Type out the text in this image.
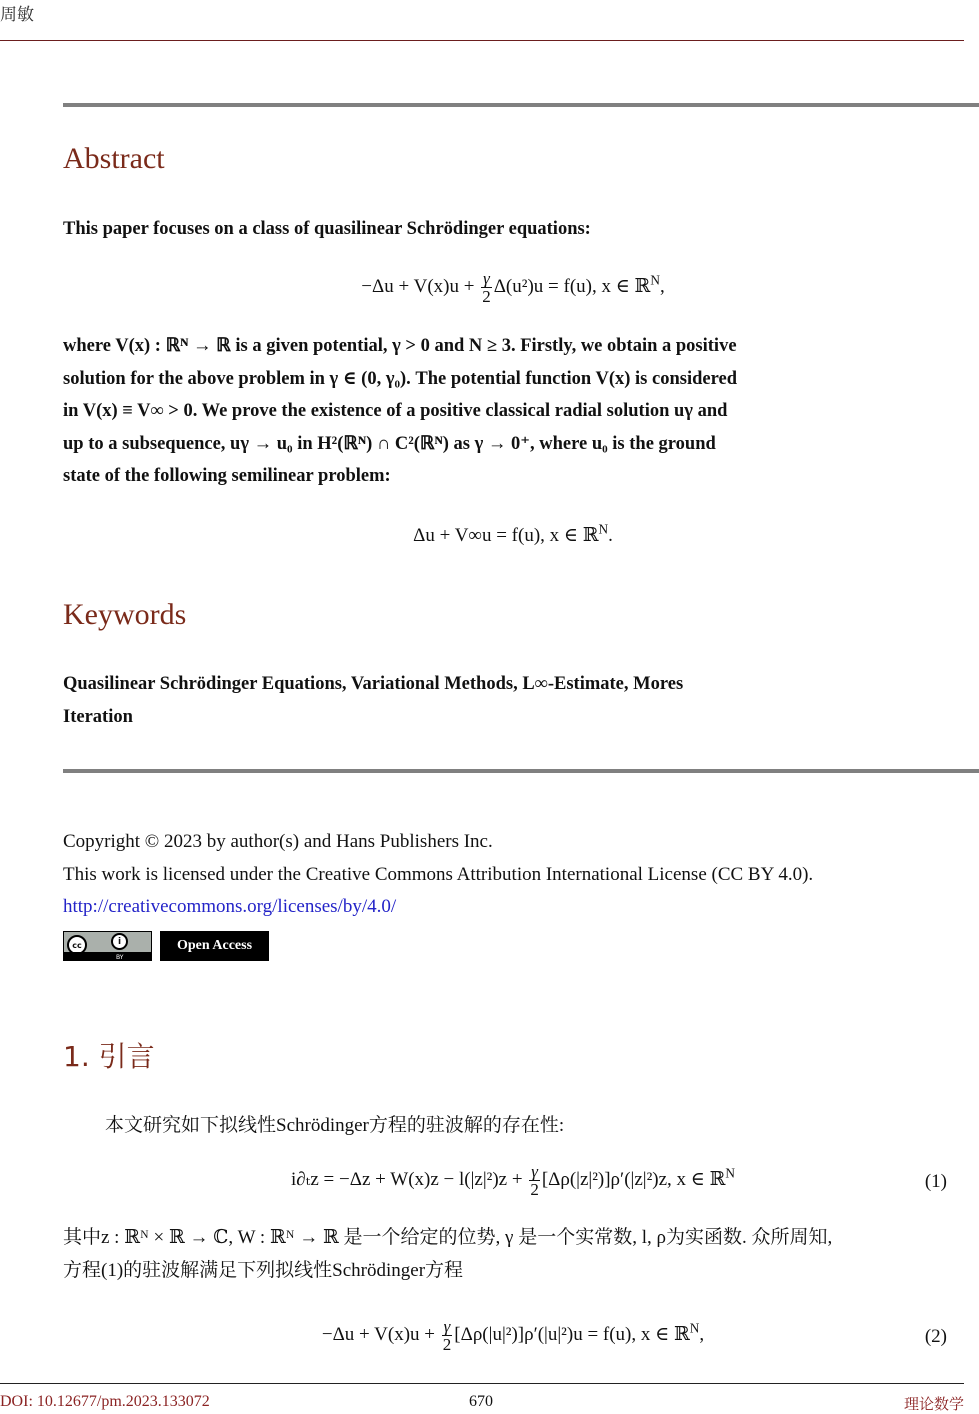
周敏
Abstract
This paper focuses on a class of quasilinear Schrödinger equations:
$-\Delta u + V(x)u + \frac{\gamma}{2} \Delta(u^2)u = f(u)$, x ∈ ℝ$^N$,
where V(x) : ℝᴺ → ℝ is a given potential, γ > 0 and N ≥ 3. Firstly, we obtain a positive
solution for the above problem in γ ∈ (0, γ₀). The potential function V(x) is considered
in V(x) ≡ V∞ > 0. We prove the existence of a positive classical radial solution uγ and
up to a subsequence, uγ → u₀ in H²(ℝᴺ) ∩ C²(ℝᴺ) as γ → 0⁺, where u₀ is the ground
state of the following semilinear problem:
Δu + V∞u = f(u), x ∈ ℝ$^N$.
Keywords
Quasilinear Schrödinger Equations, Variational Methods, L∞-Estimate, Mores
Iteration
Copyright © 2023 by author(s) and Hans Publishers Inc.
This work is licensed under the Creative Commons Attribution International License (CC BY 4.0).
http://creativecommons.org/licenses/by/4.0/
cc	i
BY
Open Access
1. 引言
本文研究如下拟线性Schrödinger方程的驻波解的存在性:
$i\partial_tz = -\Delta z + W(x)z - l(|z|^2)z + \frac{\gamma}{2} [\Delta\rho(|z|^2)]\rho'(|z|^2)z$, x ∈ ℝ$^N$	(1)
其中z : ℝᴺ × ℝ → ℂ, W : ℝᴺ → ℝ 是一个给定的位势, γ 是一个实常数, l, ρ为实函数. 众所周知,
方程(1)的驻波解满足下列拟线性Schrödinger方程
$-\Delta u + V(x)u + \frac{\gamma}{2} [\Delta\rho(|u|^2)]\rho'(|u|^2)u = f(u)$, x ∈ ℝ$^N$,	(2)
DOI: 10.12677/pm.2023.133072	670	理论数学
